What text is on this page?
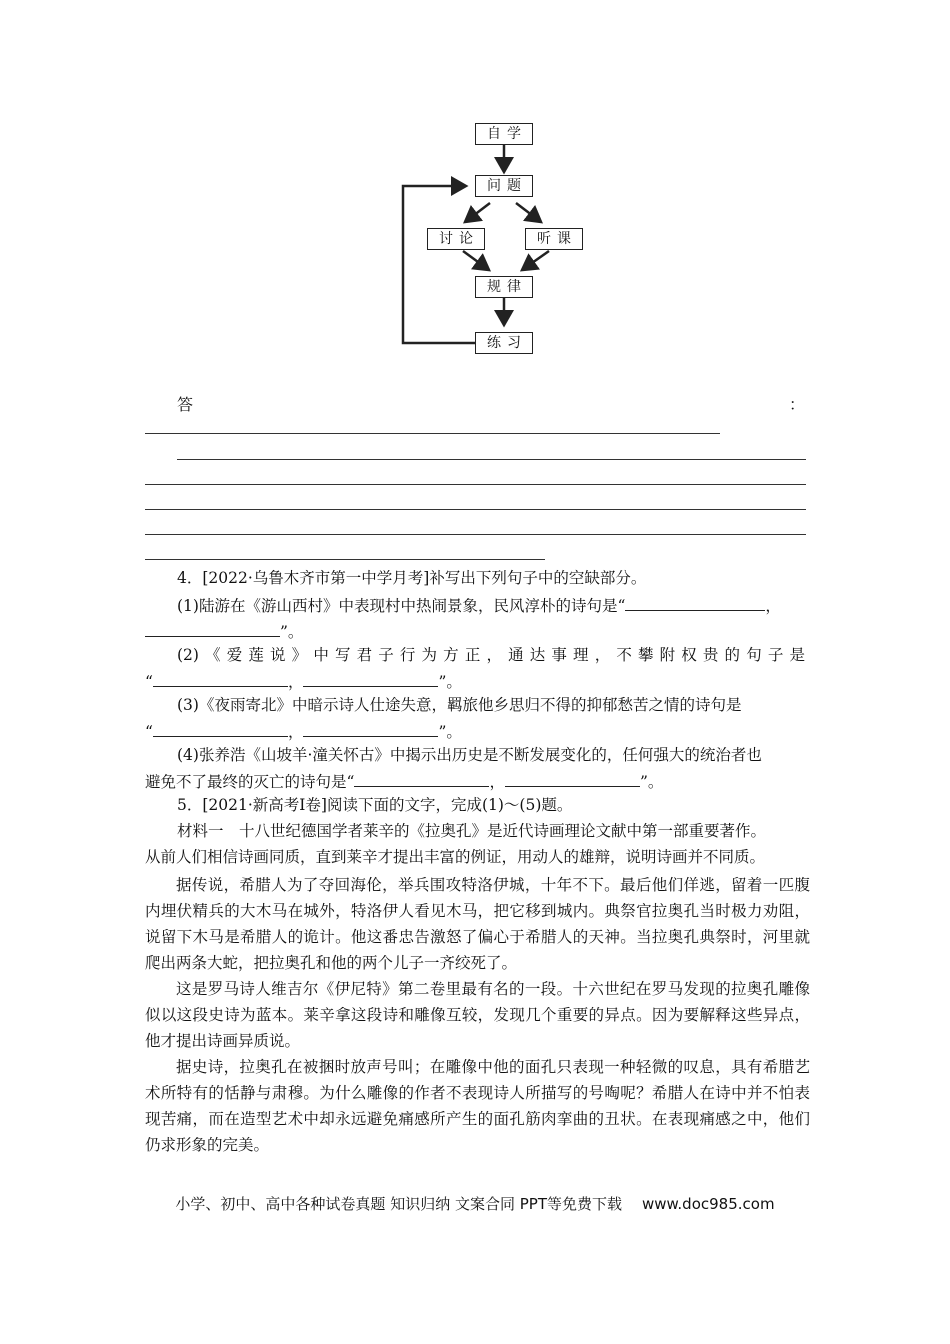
自学
问题
讨论	听课
规律
练习
答	：
4．[2022·乌鲁木齐市第一中学月考]补写出下列句子中的空缺部分。
(1)陆游在《游山西村》中表现村中热闹景象，民风淳朴的诗句是“	，
”。
(2)《爱莲说》中写君子行为方正，通达事理，不攀附权贵的句子是
“	，	”。
(3)《夜雨寄北》中暗示诗人仕途失意，羁旅他乡思归不得的抑郁愁苦之情的诗句是
“	，	”。
(4)张养浩《山坡羊·潼关怀古》中揭示出历史是不断发展变化的，任何强大的统治者也
避免不了最终的灭亡的诗句是“	，	”。
5．[2021·新高考Ⅰ卷]阅读下面的文字，完成(1)～(5)题。
材料一　十八世纪德国学者莱辛的《拉奥孔》是近代诗画理论文献中第一部重要著作。
从前人们相信诗画同质，直到莱辛才提出丰富的例证，用动人的雄辩，说明诗画并不同质。
据传说，希腊人为了夺回海伦，举兵围攻特洛伊城，十年不下。最后他们佯逃，留着一匹腹内埋伏精兵的大木马在城外，特洛伊人看见木马，把它移到城内。典祭官拉奥孔当时极力劝阻，说留下木马是希腊人的诡计。他这番忠告激怒了偏心于希腊人的天神。当拉奥孔典祭时，河里就爬出两条大蛇，把拉奥孔和他的两个儿子一齐绞死了。
这是罗马诗人维吉尔《伊尼特》第二卷里最有名的一段。十六世纪在罗马发现的拉奥孔雕像似以这段史诗为蓝本。莱辛拿这段诗和雕像互较，发现几个重要的异点。因为要解释这些异点，他才提出诗画异质说。
据史诗，拉奥孔在被捆时放声号叫；在雕像中他的面孔只表现一种轻微的叹息，具有希腊艺术所特有的恬静与肃穆。为什么雕像的作者不表现诗人所描写的号啕呢？希腊人在诗中并不怕表现苦痛，而在造型艺术中却永远避免痛感所产生的面孔筋肉挛曲的丑状。在表现痛感之中，他们仍求形象的完美。
小学、初中、高中各种试卷真题 知识归纳 文案合同 PPT等免费下载 www.doc985.com
